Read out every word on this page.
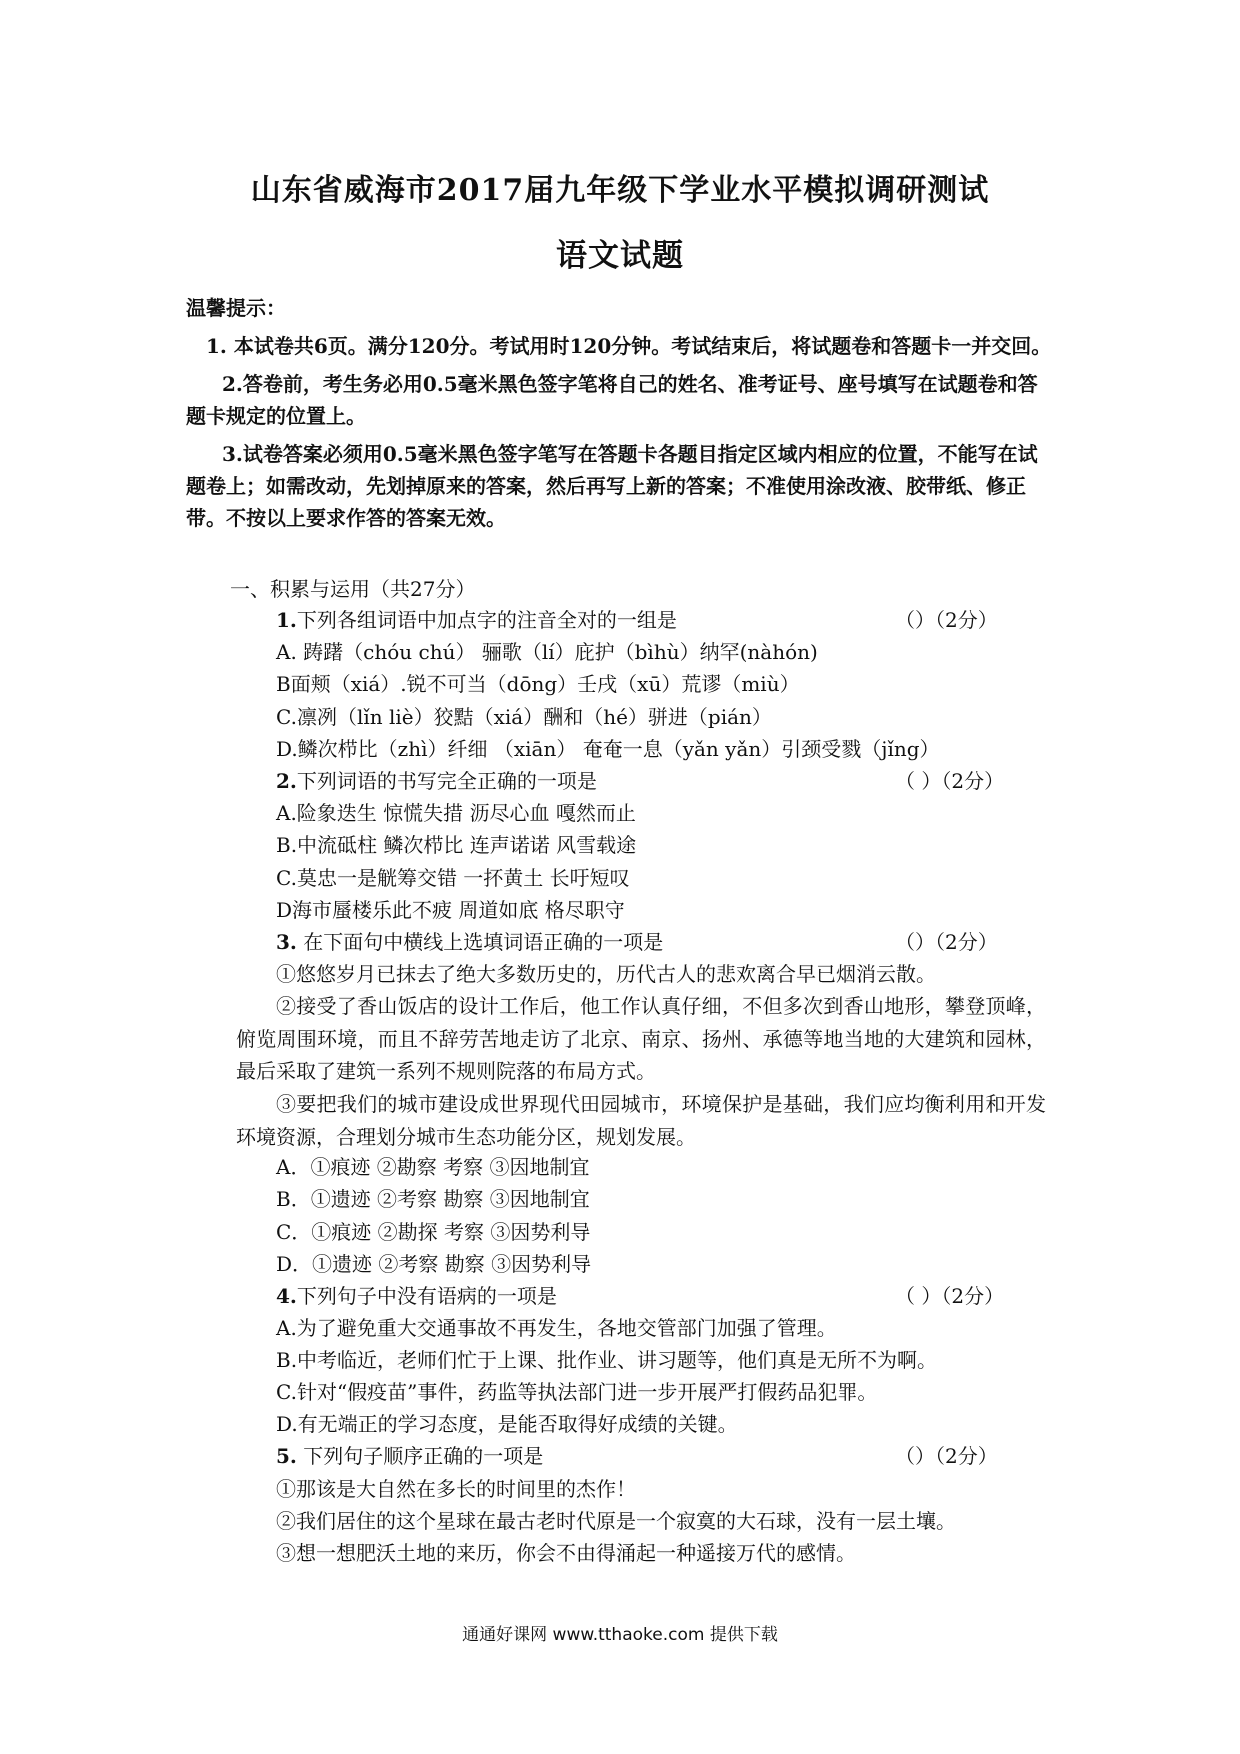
山东省威海市2017届九年级下学业水平模拟调研测试
语文试题

温馨提示：

1. 本试卷共6页。满分120分。考试用时120分钟。考试结束后，将试题卷和答题卡一并交回。

2.答卷前，考生务必用0.5毫米黑色签字笔将自己的姓名、准考证号、座号填写在试题卷和答题卡规定的位置上。

3.试卷答案必须用0.5毫米黑色签字笔写在答题卡各题目指定区域内相应的位置，不能写在试题卷上；如需改动，先划掉原来的答案，然后再写上新的答案；不准使用涂改液、胶带纸、修正带。不按以上要求作答的答案无效。

一、积累与运用（共27分）
1.下列各组词语中加点字的注音全对的一组是	（）（2分）
A. 踌躇（chóu chú） 骊歌（lí）庇护（bìhù）纳罕(nàhón)
B面颊（xiá）.锐不可当（dōng）壬戌（xū）荒谬（miù）
C.凛冽（lǐn liè）狡黠（xiá）酬和（hé）骈进（pián）
D.鳞次栉比（zhì）纤细 （xiān） 奄奄一息（yǎn yǎn）引颈受戮（jǐng）
2.下列词语的书写完全正确的一项是	（ ）（2分）
A.险象迭生 惊慌失措 沥尽心血 嘎然而止
B.中流砥柱 鳞次栉比 连声诺诺 风雪载途
C.莫忠一是觥筹交错 一抔黄土 长吁短叹
D海市蜃楼乐此不疲 周道如底 格尽职守
3. 在下面句中横线上选填词语正确的一项是	（）（2分）
①悠悠岁月已抹去了绝大多数历史的，历代古人的悲欢离合早已烟消云散。
②接受了香山饭店的设计工作后，他工作认真仔细，不但多次到香山地形，攀登顶峰，俯览周围环境，而且不辞劳苦地走访了北京、南京、扬州、承德等地当地的大建筑和园林，最后采取了建筑一系列不规则院落的布局方式。
③要把我们的城市建设成世界现代田园城市，环境保护是基础，我们应均衡利用和开发环境资源，合理划分城市生态功能分区，规划发展。
A．①痕迹 ②勘察 考察 ③因地制宜
B．①遗迹 ②考察 勘察 ③因地制宜
C．①痕迹 ②勘探 考察 ③因势利导
D．①遗迹 ②考察 勘察 ③因势利导
4.下列句子中没有语病的一项是	（ ）（2分）
A.为了避免重大交通事故不再发生，各地交管部门加强了管理。
B.中考临近，老师们忙于上课、批作业、讲习题等，他们真是无所不为啊。
C.针对“假疫苗”事件，药监等执法部门进一步开展严打假药品犯罪。
D.有无端正的学习态度，是能否取得好成绩的关键。
5. 下列句子顺序正确的一项是	（）（2分）
①那该是大自然在多长的时间里的杰作！
②我们居住的这个星球在最古老时代原是一个寂寞的大石球，没有一层土壤。
③想一想肥沃土地的来历，你会不由得涌起一种遥接万代的感情。
通通好课网 www.tthaoke.com 提供下载
